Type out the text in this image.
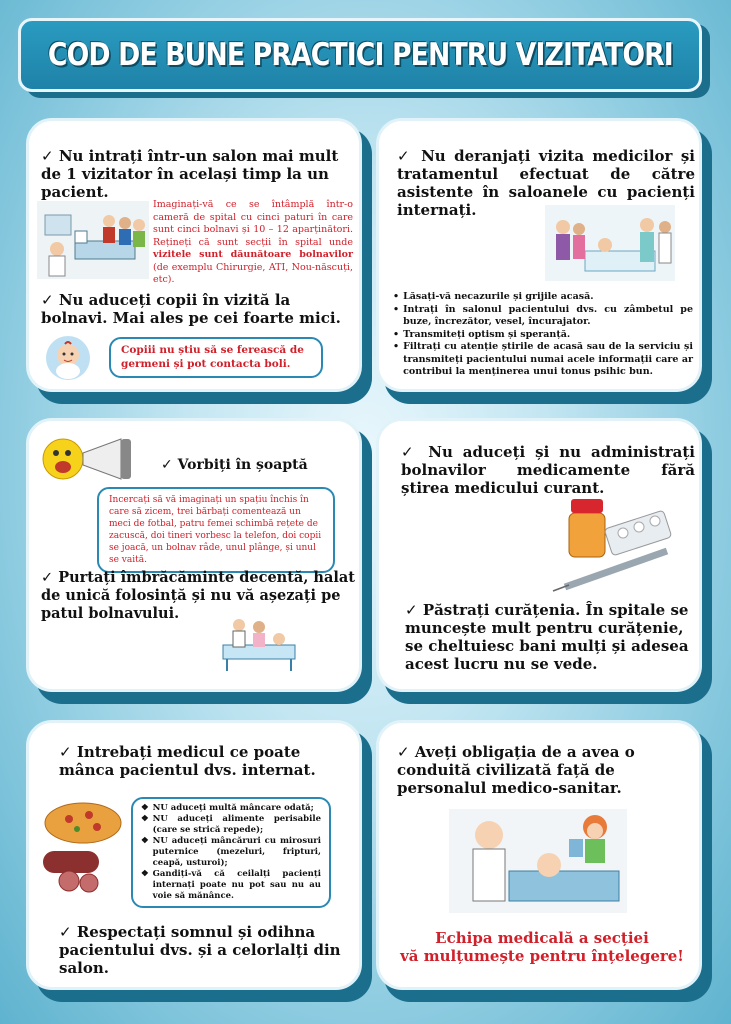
COD DE BUNE PRACTICI PENTRU VIZITATORI
✓ Nu intrați într-un salon mai mult de 1 vizitator în același timp la un pacient.
Imaginați-vă ce se întâmplă într-o cameră de spital cu cinci paturi în care sunt cinci bolnavi și 10 – 12 aparținători. Rețineți că sunt secții în spital unde vizitele sunt dăunătoare bolnavilor (de exemplu Chirurgie, ATI, Nou-născuți, etc).
✓ Nu aduceți copii în vizită la bolnavi. Mai ales pe cei foarte mici.
Copiii nu știu să se ferească de germeni și pot contacta boli.
✓ Nu deranjați vizita medicilor și tratamentul efectuat de către asistente în saloanele cu pacienți internați.
• Lăsați-vă necazurile și grijile acasă.
• Intrați în salonul pacientului dvs. cu zâmbetul pe buze, încrezător, vesel, încurajator.
• Transmiteți optism și speranță.
• Filtrați cu atenție știrile de acasă sau de la serviciu și transmiteți pacientului numai acele informații care ar contribui la menținerea unui tonus psihic bun.
✓ Vorbiți în șoaptă
Incercați să vă imaginați un spațiu închis în care să zicem, trei bărbați comentează un meci de fotbal, patru femei schimbă rețete de zacuscă, doi tineri vorbesc la telefon, doi copii se joacă, un bolnav râde, unul plânge, și unul se vaită.
✓ Purtați îmbrăcăminte decentă, halat de unică folosință și nu vă așezați pe patul bolnavului.
✓ Nu aduceți și nu administrați bolnavilor medicamente fără știrea medicului curant.
✓ Păstrați curățenia. În spitale se muncește mult pentru curățenie, se cheltuiesc bani mulți și adesea acest lucru nu se vede.
✓ Intrebați medicul ce poate mânca pacientul dvs. internat.
❖ NU aduceți multă mâncare odată;
❖ NU aduceți alimente perisabile (care se strică repede);
❖ NU aduceți mâncăruri cu mirosuri puternice (mezeluri, fripturi, ceapă, usturoi);
❖ Gandiți-vă că ceilalți pacienți internați poate nu pot sau nu au voie să mănânce.
✓ Respectați somnul și odihna pacientului dvs. și a celorlalți din salon.
✓ Aveți obligația de a avea o conduită civilizată față de personalul medico-sanitar.
Echipa medicală a secției
vă mulțumește pentru înțelegere!
